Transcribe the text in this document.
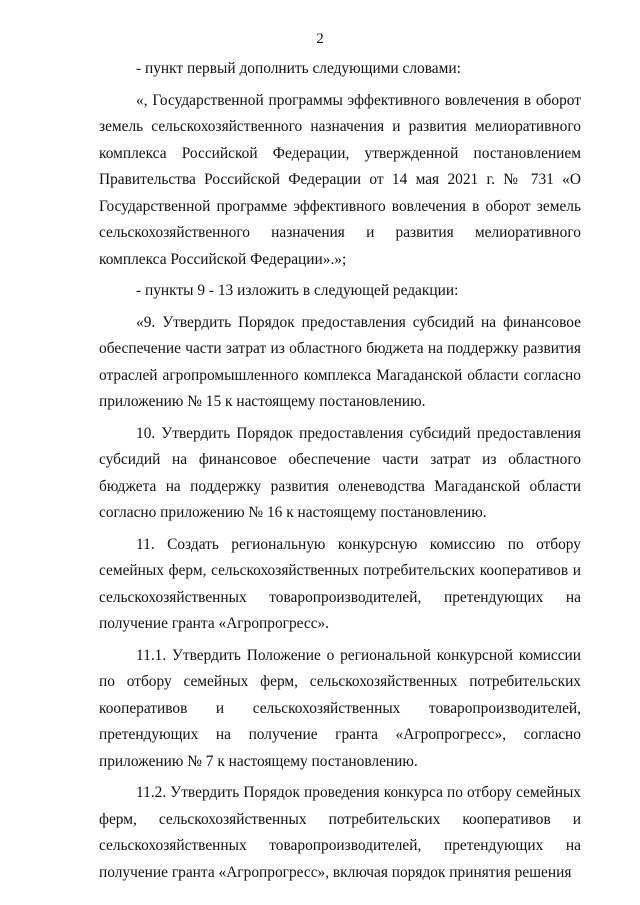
2

- пункт первый дополнить следующими словами:

«, Государственной программы эффективного вовлечения в оборот земель сельскохозяйственного назначения и развития мелиоративного комплекса Российской Федерации, утвержденной постановлением Правительства Российской Федерации от 14 мая 2021 г. № 731 «О Государственной программе эффективного вовлечения в оборот земель сельскохозяйственного назначения и развития мелиоративного комплекса Российской Федерации».»;

- пункты 9 - 13 изложить в следующей редакции:

«9. Утвердить Порядок предоставления субсидий на финансовое обеспечение части затрат из областного бюджета на поддержку развития отраслей агропромышленного комплекса Магаданской области согласно приложению № 15 к настоящему постановлению.

10. Утвердить Порядок предоставления субсидий предоставления субсидий на финансовое обеспечение части затрат из областного бюджета на поддержку развития оленеводства Магаданской области согласно приложению № 16 к настоящему постановлению.

11. Создать региональную конкурсную комиссию по отбору семейных ферм, сельскохозяйственных потребительских кооперативов и сельскохозяйственных товаропроизводителей, претендующих на получение гранта «Агропрогресс».

11.1. Утвердить Положение о региональной конкурсной комиссии по отбору семейных ферм, сельскохозяйственных потребительских кооперативов и сельскохозяйственных товаропроизводителей, претендующих на получение гранта «Агропрогресс», согласно приложению № 7 к настоящему постановлению.

11.2. Утвердить Порядок проведения конкурса по отбору семейных ферм, сельскохозяйственных потребительских кооперативов и сельскохозяйственных товаропроизводителей, претендующих на получение гранта «Агропрогресс», включая порядок принятия решения
